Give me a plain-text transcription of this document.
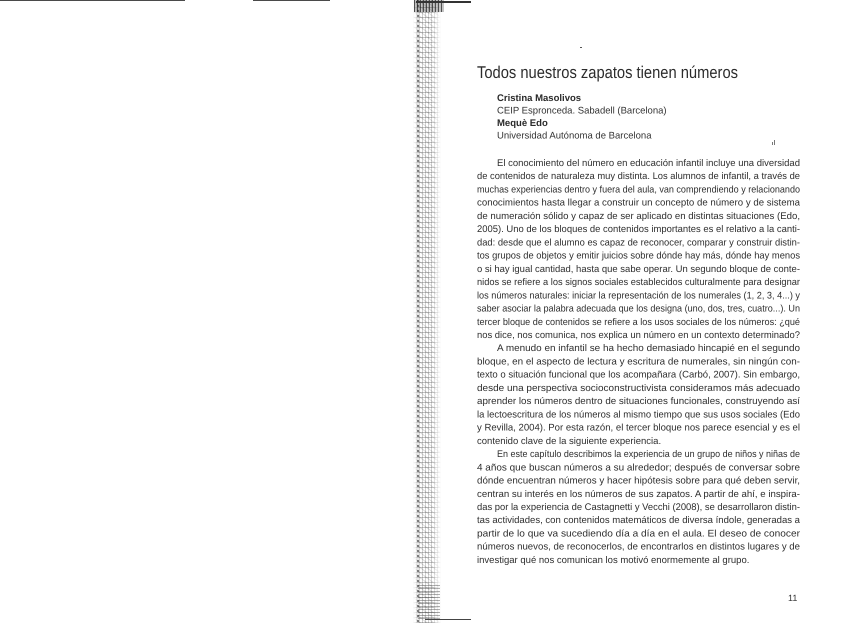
Todos nuestros zapatos tienen números
Cristina Masolivos
CEIP Espronceda. Sabadell (Barcelona)
Mequè Edo
Universidad Autónoma de Barcelona
El conocimiento del número en educación infantil incluye una diversidad
de contenidos de naturaleza muy distinta. Los alumnos de infantil, a través de
muchas experiencias dentro y fuera del aula, van comprendiendo y relacionando
conocimientos hasta llegar a construir un concepto de número y de sistema
de numeración sólido y capaz de ser aplicado en distintas situaciones (Edo,
2005). Uno de los bloques de contenidos importantes es el relativo a la canti-
dad: desde que el alumno es capaz de reconocer, comparar y construir distin-
tos grupos de objetos y emitir juicios sobre dónde hay más, dónde hay menos
o si hay igual cantidad, hasta que sabe operar. Un segundo bloque de conte-
nidos se refiere a los signos sociales establecidos culturalmente para designar
los números naturales: iniciar la representación de los numerales (1, 2, 3, 4...) y
saber asociar la palabra adecuada que los designa (uno, dos, tres, cuatro...). Un
tercer bloque de contenidos se refiere a los usos sociales de los números: ¿qué
nos dice, nos comunica, nos explica un número en un contexto determinado?
A menudo en infantil se ha hecho demasiado hincapié en el segundo
bloque, en el aspecto de lectura y escritura de numerales, sin ningún con-
texto o situación funcional que los acompañara (Carbó, 2007). Sin embargo,
desde una perspectiva socioconstructivista consideramos más adecuado
aprender los números dentro de situaciones funcionales, construyendo así
la lectoescritura de los números al mismo tiempo que sus usos sociales (Edo
y Revilla, 2004). Por esta razón, el tercer bloque nos parece esencial y es el
contenido clave de la siguiente experiencia.
En este capítulo describimos la experiencia de un grupo de niños y niñas de
4 años que buscan números a su alrededor; después de conversar sobre
dónde encuentran números y hacer hipótesis sobre para qué deben servir,
centran su interés en los números de sus zapatos. A partir de ahí, e inspira-
das por la experiencia de Castagnetti y Vecchi (2008), se desarrollaron distin-
tas actividades, con contenidos matemáticos de diversa índole, generadas a
partir de lo que va sucediendo día a día en el aula. El deseo de conocer
números nuevos, de reconocerlos, de encontrarlos en distintos lugares y de
investigar qué nos comunican los motivó enormemente al grupo.
11
